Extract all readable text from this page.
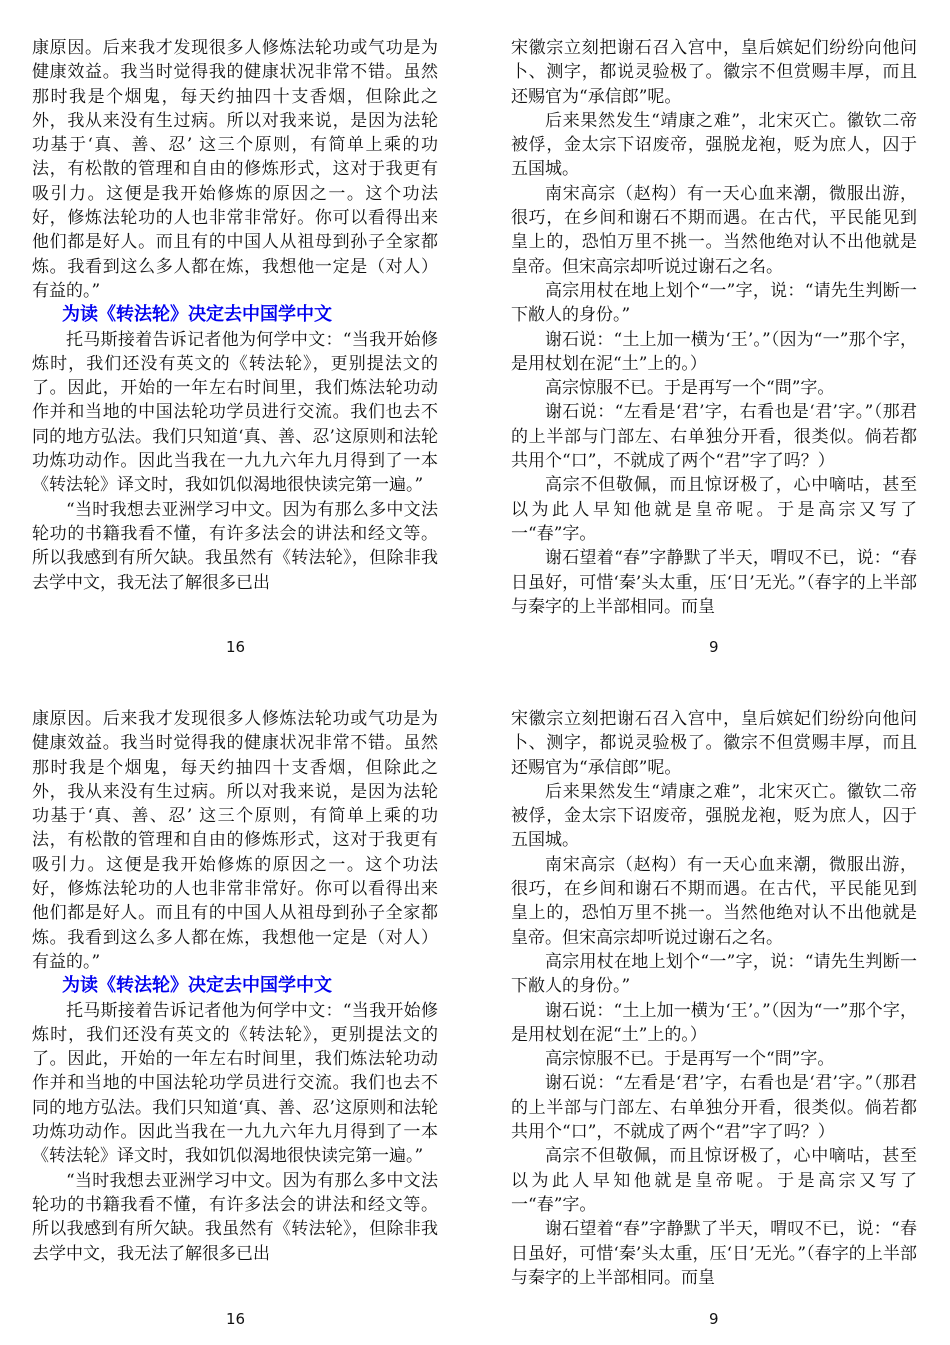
康原因。后来我才发现很多人修炼法轮功或气功是为健康效益。我当时觉得我的健康状况非常不错。虽然那时我是个烟鬼，每天约抽四十支香烟，但除此之外，我从来没有生过病。所以对我来说，是因为法轮功基于‘真、善、忍’ 这三个原则，有简单上乘的功法，有松散的管理和自由的修炼形式，这对于我更有吸引力。这便是我开始修炼的原因之一。这个功法好，修炼法轮功的人也非常非常好。你可以看得出来他们都是好人。而且有的中国人从祖母到孙子全家都炼。我看到这么多人都在炼，我想他一定是（对人）有益的。”

为读《转法轮》决定去中国学中文

托马斯接着告诉记者他为何学中文：“当我开始修炼时，我们还没有英文的《转法轮》，更别提法文的了。因此，开始的一年左右时间里，我们炼法轮功动作并和当地的中国法轮功学员进行交流。我们也去不同的地方弘法。我们只知道‘真、善、忍’这原则和法轮功炼功动作。因此当我在一九九六年九月得到了一本《转法轮》译文时，我如饥似渴地很快读完第一遍。”

“当时我想去亚洲学习中文。因为有那么多中文法轮功的书籍我看不懂，有许多法会的讲法和经文等。所以我感到有所欠缺。我虽然有《转法轮》，但除非我去学中文，我无法了解很多已出

16

宋徽宗立刻把谢石召入宫中，皇后嫔妃们纷纷向他问卜、测字，都说灵验极了。徽宗不但赏赐丰厚，而且还赐官为“承信郎”呢。

后来果然发生“靖康之难”，北宋灭亡。徽钦二帝被俘，金太宗下诏废帝，强脱龙袍，贬为庶人，囚于五国城。

南宋高宗（赵构）有一天心血来潮，微服出游，很巧，在乡间和谢石不期而遇。在古代，平民能见到皇上的，恐怕万里不挑一。当然他绝对认不出他就是皇帝。但宋高宗却听说过谢石之名。

高宗用杖在地上划个“一”字，说：“请先生判断一下敝人的身份。”

谢石说：“土上加一横为‘王’。”（因为“一”那个字，是用杖划在泥“土”上的。）

高宗惊服不已。于是再写一个“問”字。

谢石说：“左看是‘君’字，右看也是‘君’字。”（那君的上半部与门部左、右单独分开看，很类似。倘若都共用个“口”，不就成了两个“君”字了吗？）

高宗不但敬佩，而且惊讶极了，心中嘀咕，甚至以为此人早知他就是皇帝呢。于是高宗又写了一“春”字。

谢石望着“春”字静默了半天，喟叹不已，说：“春日虽好，可惜‘秦’头太重，压‘日’无光。”（春字的上半部与秦字的上半部相同。而皇

9

康原因。后来我才发现很多人修炼法轮功或气功是为健康效益。我当时觉得我的健康状况非常不错。虽然那时我是个烟鬼，每天约抽四十支香烟，但除此之外，我从来没有生过病。所以对我来说，是因为法轮功基于‘真、善、忍’ 这三个原则，有简单上乘的功法，有松散的管理和自由的修炼形式，这对于我更有吸引力。这便是我开始修炼的原因之一。这个功法好，修炼法轮功的人也非常非常好。你可以看得出来他们都是好人。而且有的中国人从祖母到孙子全家都炼。我看到这么多人都在炼，我想他一定是（对人）有益的。”

为读《转法轮》决定去中国学中文

托马斯接着告诉记者他为何学中文：“当我开始修炼时，我们还没有英文的《转法轮》，更别提法文的了。因此，开始的一年左右时间里，我们炼法轮功动作并和当地的中国法轮功学员进行交流。我们也去不同的地方弘法。我们只知道‘真、善、忍’这原则和法轮功炼功动作。因此当我在一九九六年九月得到了一本《转法轮》译文时，我如饥似渴地很快读完第一遍。”

“当时我想去亚洲学习中文。因为有那么多中文法轮功的书籍我看不懂，有许多法会的讲法和经文等。所以我感到有所欠缺。我虽然有《转法轮》，但除非我去学中文，我无法了解很多已出

16

宋徽宗立刻把谢石召入宫中，皇后嫔妃们纷纷向他问卜、测字，都说灵验极了。徽宗不但赏赐丰厚，而且还赐官为“承信郎”呢。

后来果然发生“靖康之难”，北宋灭亡。徽钦二帝被俘，金太宗下诏废帝，强脱龙袍，贬为庶人，囚于五国城。

南宋高宗（赵构）有一天心血来潮，微服出游，很巧，在乡间和谢石不期而遇。在古代，平民能见到皇上的，恐怕万里不挑一。当然他绝对认不出他就是皇帝。但宋高宗却听说过谢石之名。

高宗用杖在地上划个“一”字，说：“请先生判断一下敝人的身份。”

谢石说：“土上加一横为‘王’。”（因为“一”那个字，是用杖划在泥“土”上的。）

高宗惊服不已。于是再写一个“問”字。

谢石说：“左看是‘君’字，右看也是‘君’字。”（那君的上半部与门部左、右单独分开看，很类似。倘若都共用个“口”，不就成了两个“君”字了吗？）

高宗不但敬佩，而且惊讶极了，心中嘀咕，甚至以为此人早知他就是皇帝呢。于是高宗又写了一“春”字。

谢石望着“春”字静默了半天，喟叹不已，说：“春日虽好，可惜‘秦’头太重，压‘日’无光。”（春字的上半部与秦字的上半部相同。而皇

9
